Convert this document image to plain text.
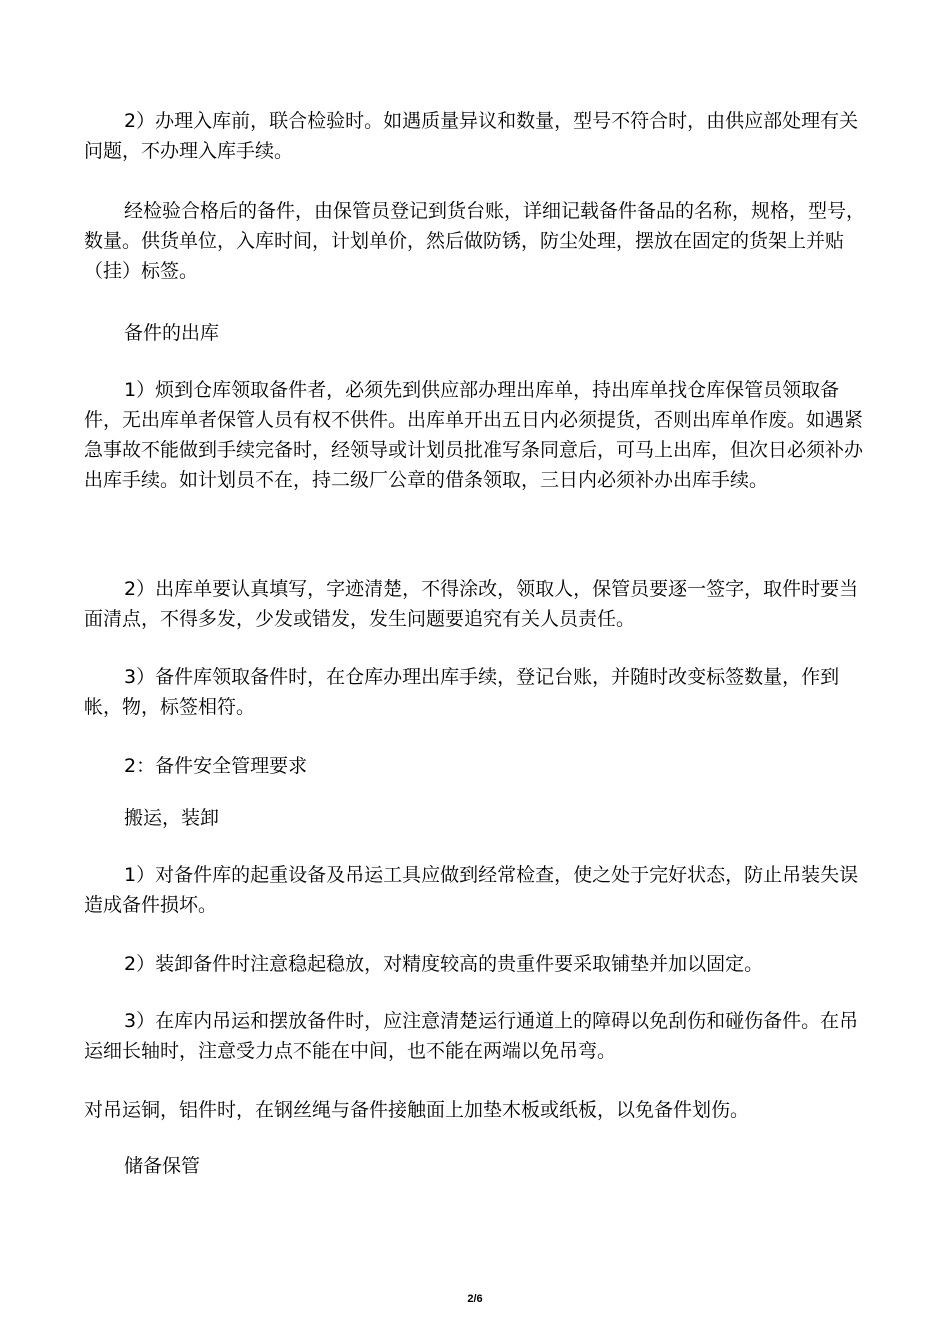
2）办理入库前，联合检验时。如遇质量异议和数量，型号不符合时，由供应部处理有关问题，不办理入库手续。

经检验合格后的备件，由保管员登记到货台账，详细记载备件备品的名称，规格，型号，数量。供货单位，入库时间，计划单价，然后做防锈，防尘处理，摆放在固定的货架上并贴（挂）标签。

备件的出库

1）烦到仓库领取备件者，必须先到供应部办理出库单，持出库单找仓库保管员领取备件，无出库单者保管人员有权不供件。出库单开出五日内必须提货，否则出库单作废。如遇紧急事故不能做到手续完备时，经领导或计划员批准写条同意后，可马上出库，但次日必须补办出库手续。如计划员不在，持二级厂公章的借条领取，三日内必须补办出库手续。

2）出库单要认真填写，字迹清楚，不得涂改，领取人，保管员要逐一签字，取件时要当面清点，不得多发，少发或错发，发生问题要追究有关人员责任。

3）备件库领取备件时，在仓库办理出库手续，登记台账，并随时改变标签数量，作到帐，物，标签相符。

2：备件安全管理要求

搬运，装卸

1）对备件库的起重设备及吊运工具应做到经常检查，使之处于完好状态，防止吊装失误造成备件损坏。

2）装卸备件时注意稳起稳放，对精度较高的贵重件要采取铺垫并加以固定。

3）在库内吊运和摆放备件时，应注意清楚运行通道上的障碍以免刮伤和碰伤备件。在吊运细长轴时，注意受力点不能在中间，也不能在两端以免吊弯。

对吊运铜，铝件时，在钢丝绳与备件接触面上加垫木板或纸板，以免备件划伤。

储备保管

2/6
